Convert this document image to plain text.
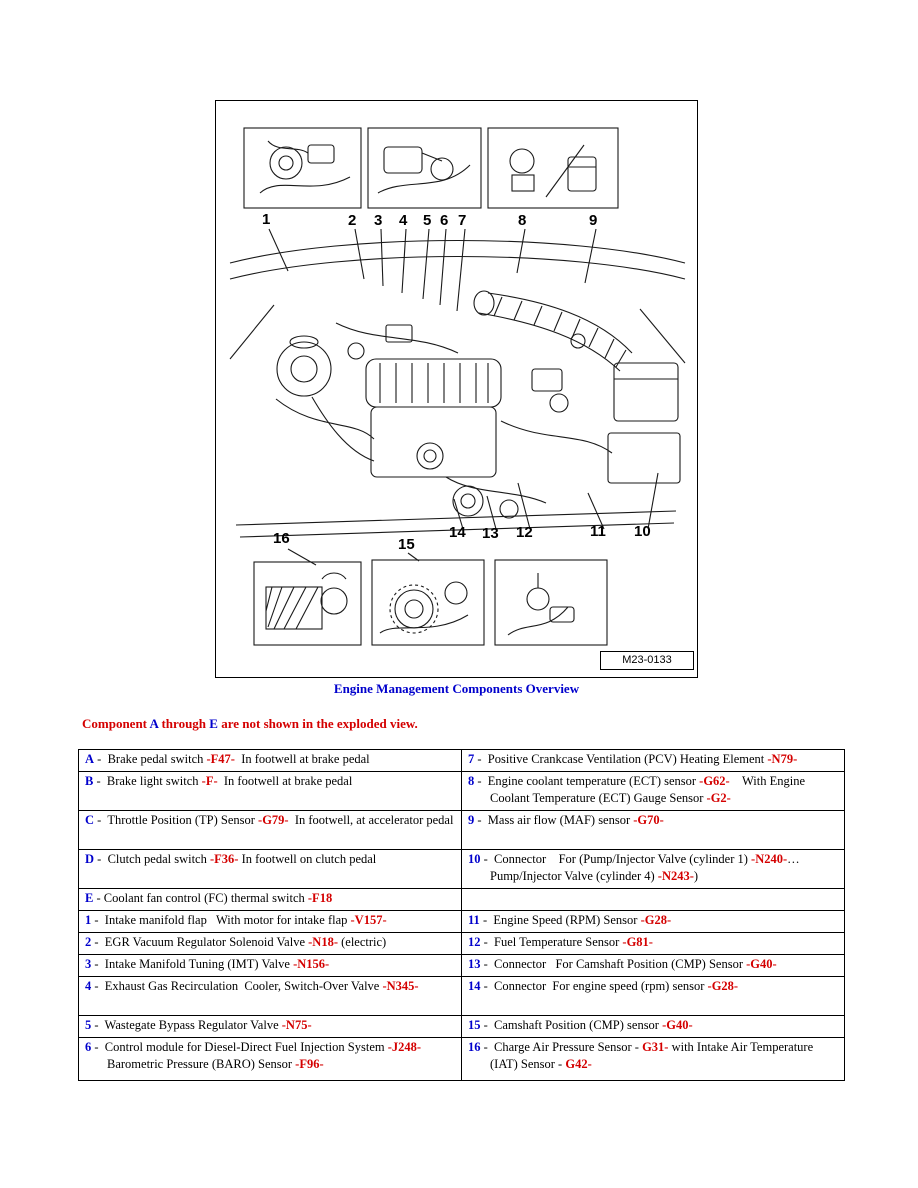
1	2 3 4 5 6 7	8	9
16	15
14 13 12	11 10
M23-0133
Engine Management Components Overview
Component A through E are not shown in the exploded view.
A -  Brake pedal switch -F47-  In footwell at brake pedal	7 -  Positive Crankcase Ventilation (PCV) Heating Element -N79-
B -  Brake light switch -F-  In footwell at brake pedal	8 -  Engine coolant temperature (ECT) sensor -G62-    With Engine Coolant Temperature (ECT) Gauge Sensor -G2-
C -  Throttle Position (TP) Sensor -G79-  In footwell, at accelerator pedal	9 -  Mass air flow (MAF) sensor -G70-
D -  Clutch pedal switch -F36- In footwell on clutch pedal	10 -  Connector    For (Pump/Injector Valve (cylinder 1) -N240-… Pump/Injector Valve (cylinder 4) -N243-)
E - Coolant fan control (FC) thermal switch -F18	
1 -  Intake manifold flap   With motor for intake flap -V157-	11 -  Engine Speed (RPM) Sensor -G28-
2 -  EGR Vacuum Regulator Solenoid Valve -N18- (electric)	12 -  Fuel Temperature Sensor -G81-
3 -  Intake Manifold Tuning (IMT) Valve -N156-	13 -  Connector   For Camshaft Position (CMP) Sensor -G40-
4 -  Exhaust Gas Recirculation  Cooler, Switch-Over Valve -N345-	14 -  Connector  For engine speed (rpm) sensor -G28-
5 -  Wastegate Bypass Regulator Valve -N75-	15 -  Camshaft Position (CMP) sensor -G40-
6 -  Control module for Diesel-Direct Fuel Injection System -J248- Barometric Pressure (BARO) Sensor -F96-	16 -  Charge Air Pressure Sensor - G31- with Intake Air Temperature (IAT) Sensor - G42-
